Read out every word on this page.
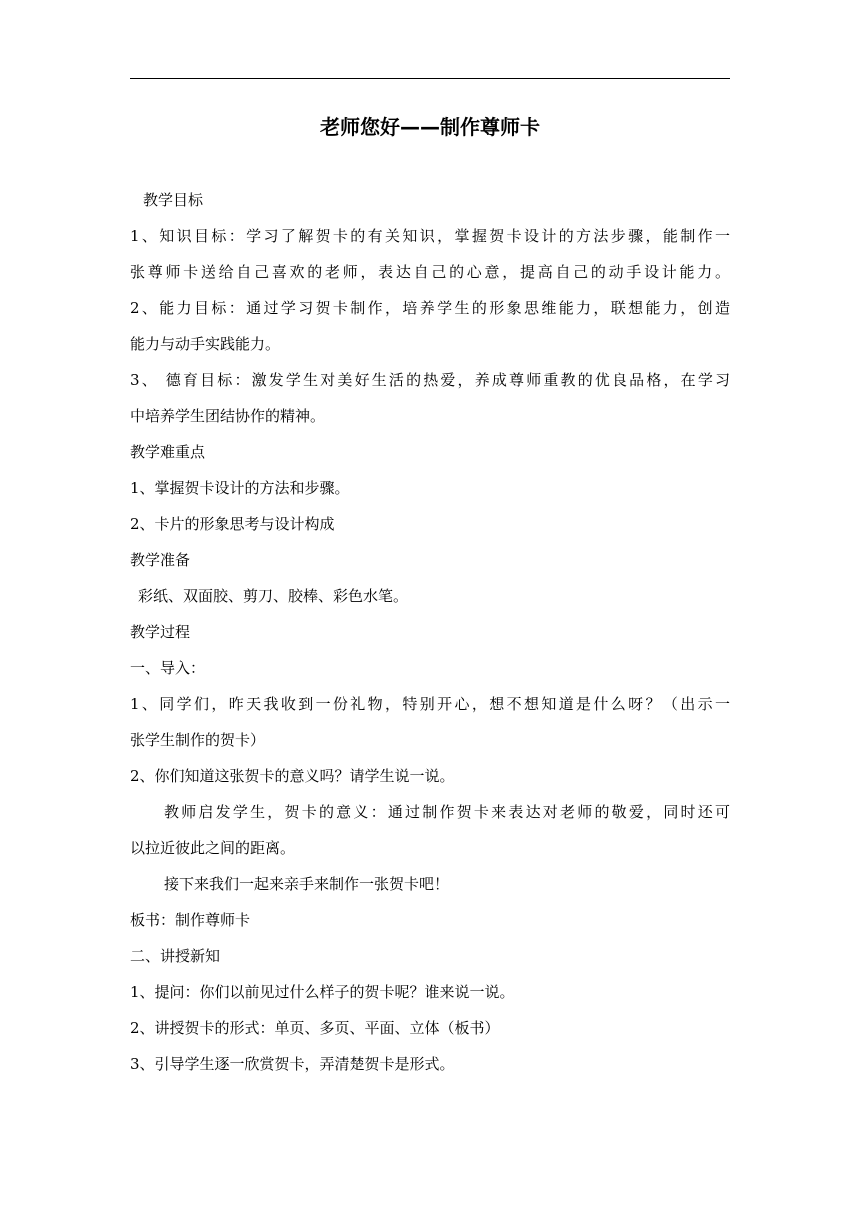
老师您好——制作尊师卡

教学目标

1、知识目标：学习了解贺卡的有关知识，掌握贺卡设计的方法步骤，能制作一

张尊师卡送给自己喜欢的老师，表达自己的心意，提高自己的动手设计能力。

2、能力目标：通过学习贺卡制作，培养学生的形象思维能力，联想能力，创造

能力与动手实践能力。

3、 德育目标：激发学生对美好生活的热爱，养成尊师重教的优良品格，在学习

中培养学生团结协作的精神。

教学难重点

1、掌握贺卡设计的方法和步骤。

2、卡片的形象思考与设计构成

教学准备

彩纸、双面胶、剪刀、胶棒、彩色水笔。

教学过程

一、导入：

1、同学们，昨天我收到一份礼物，特别开心，想不想知道是什么呀？（出示一

张学生制作的贺卡）

2、你们知道这张贺卡的意义吗？请学生说一说。

教师启发学生，贺卡的意义：通过制作贺卡来表达对老师的敬爱，同时还可

以拉近彼此之间的距离。

接下来我们一起来亲手来制作一张贺卡吧！

板书：制作尊师卡

二、讲授新知

1、提问：你们以前见过什么样子的贺卡呢？谁来说一说。

2、讲授贺卡的形式：单页、多页、平面、立体（板书）

3、引导学生逐一欣赏贺卡，弄清楚贺卡是形式。
